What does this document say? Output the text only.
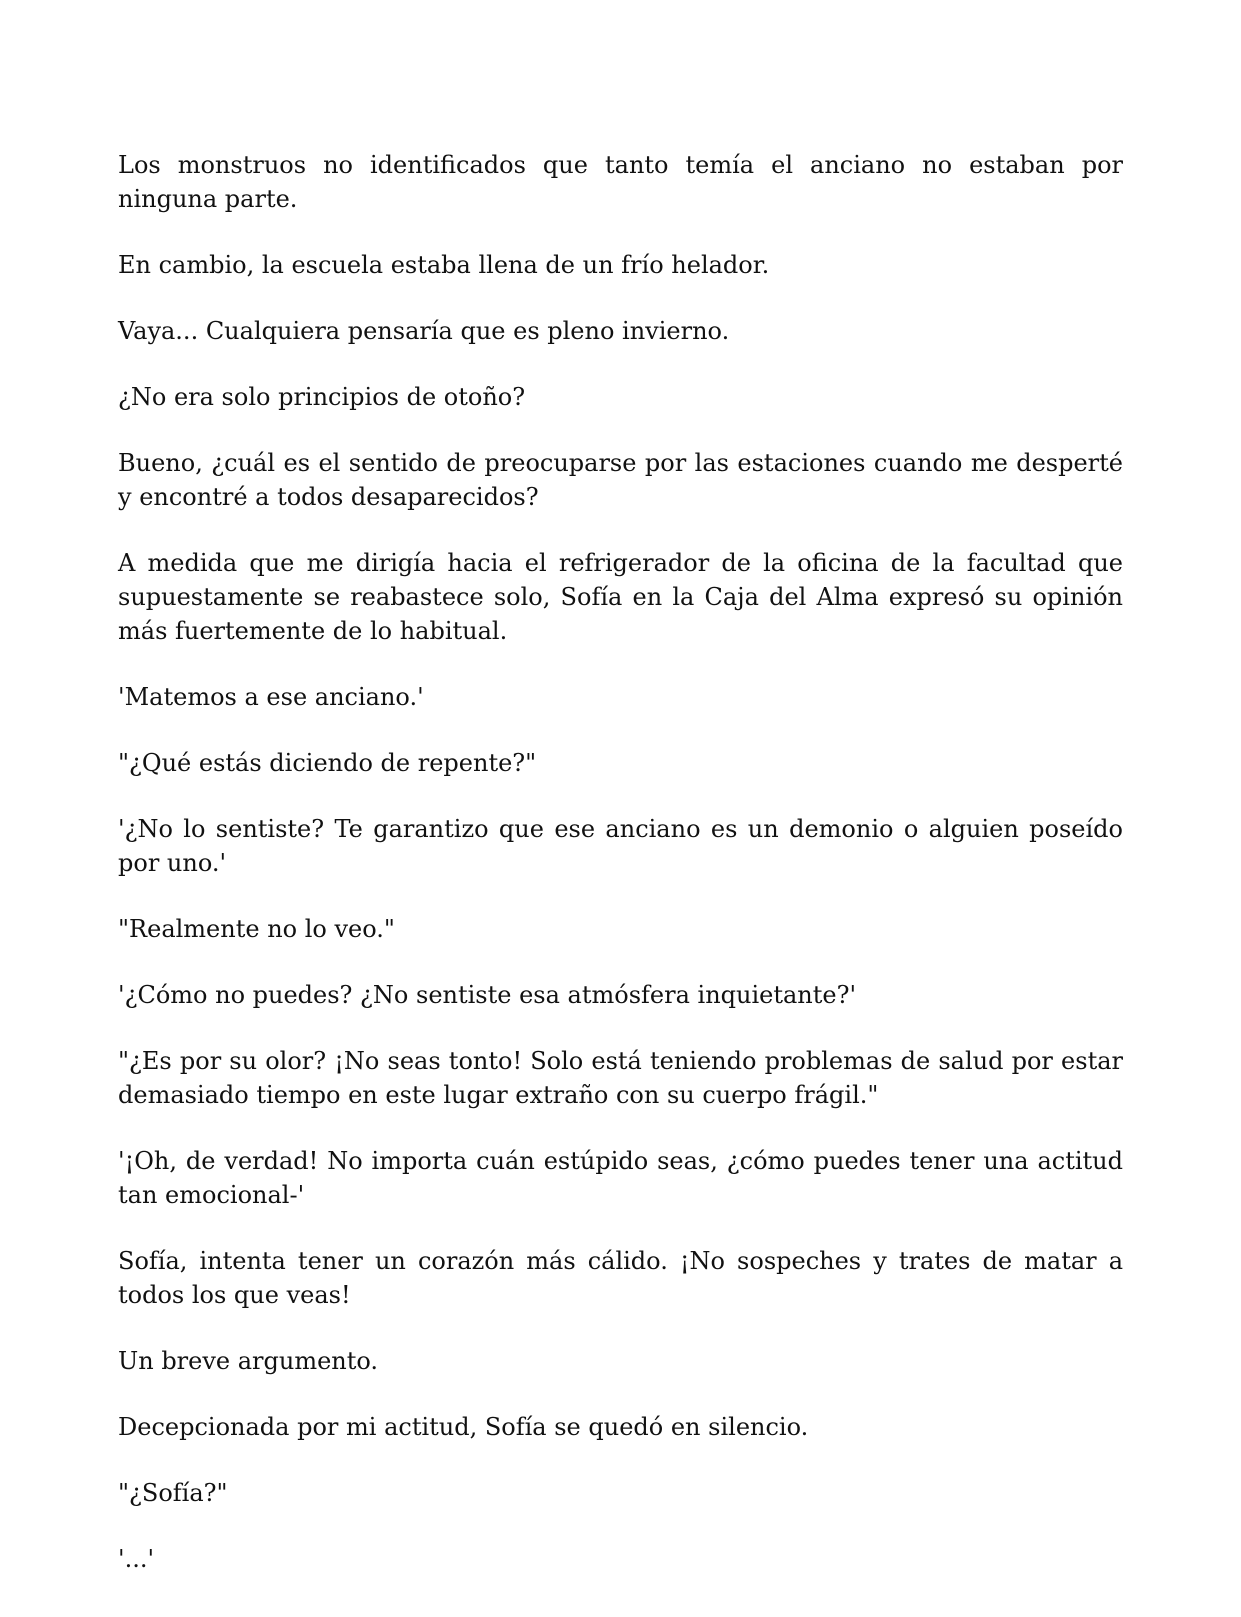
Los monstruos no identificados que tanto temía el anciano no estaban por ninguna parte.

En cambio, la escuela estaba llena de un frío helador.

Vaya... Cualquiera pensaría que es pleno invierno.

¿No era solo principios de otoño?

Bueno, ¿cuál es el sentido de preocuparse por las estaciones cuando me desperté y encontré a todos desaparecidos?

A medida que me dirigía hacia el refrigerador de la oficina de la facultad que supuestamente se reabastece solo, Sofía en la Caja del Alma expresó su opinión más fuertemente de lo habitual.

'Matemos a ese anciano.'

"¿Qué estás diciendo de repente?"

'¿No lo sentiste? Te garantizo que ese anciano es un demonio o alguien poseído por uno.'

"Realmente no lo veo."

'¿Cómo no puedes? ¿No sentiste esa atmósfera inquietante?'

"¿Es por su olor? ¡No seas tonto! Solo está teniendo problemas de salud por estar demasiado tiempo en este lugar extraño con su cuerpo frágil."

'¡Oh, de verdad! No importa cuán estúpido seas, ¿cómo puedes tener una actitud tan emocional-'

Sofía, intenta tener un corazón más cálido. ¡No sospeches y trates de matar a todos los que veas!

Un breve argumento.

Decepcionada por mi actitud, Sofía se quedó en silencio.

"¿Sofía?"

'...'
